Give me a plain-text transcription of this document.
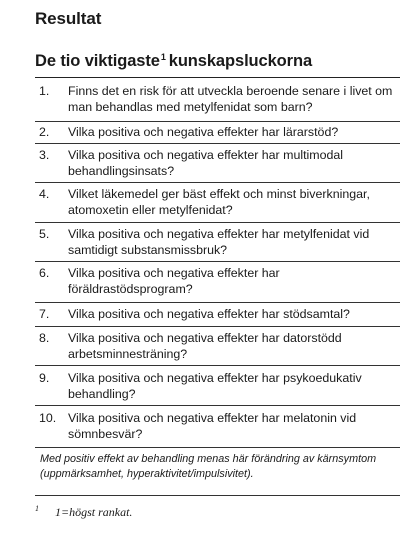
Resultat
De tio viktigaste$^1$ kunskapsluckorna
1. Finns det en risk för att utveckla beroende senare i livet om man behandlas med metylfenidat som barn?
2. Vilka positiva och negativa effekter har lärarstöd?
3. Vilka positiva och negativa effekter har multimodal behandlingsinsats?
4. Vilket läkemedel ger bäst effekt och minst biverkningar, atomoxetin eller metylfenidat?
5. Vilka positiva och negativa effekter har metylfenidat vid samtidigt substansmissbruk?
6. Vilka positiva och negativa effekter har föräldrastödsprogram?
7. Vilka positiva och negativa effekter har stödsamtal?
8. Vilka positiva och negativa effekter har datorstödd arbetsminnesträning?
9. Vilka positiva och negativa effekter har psykoedukativ behandling?
10. Vilka positiva och negativa effekter har melatonin vid sömnbesvär?
Med positiv effekt av behandling menas här förändring av kärnsymtom (uppmärksamhet, hyperaktivitet/impulsivitet).
1 1=högst rankat.
